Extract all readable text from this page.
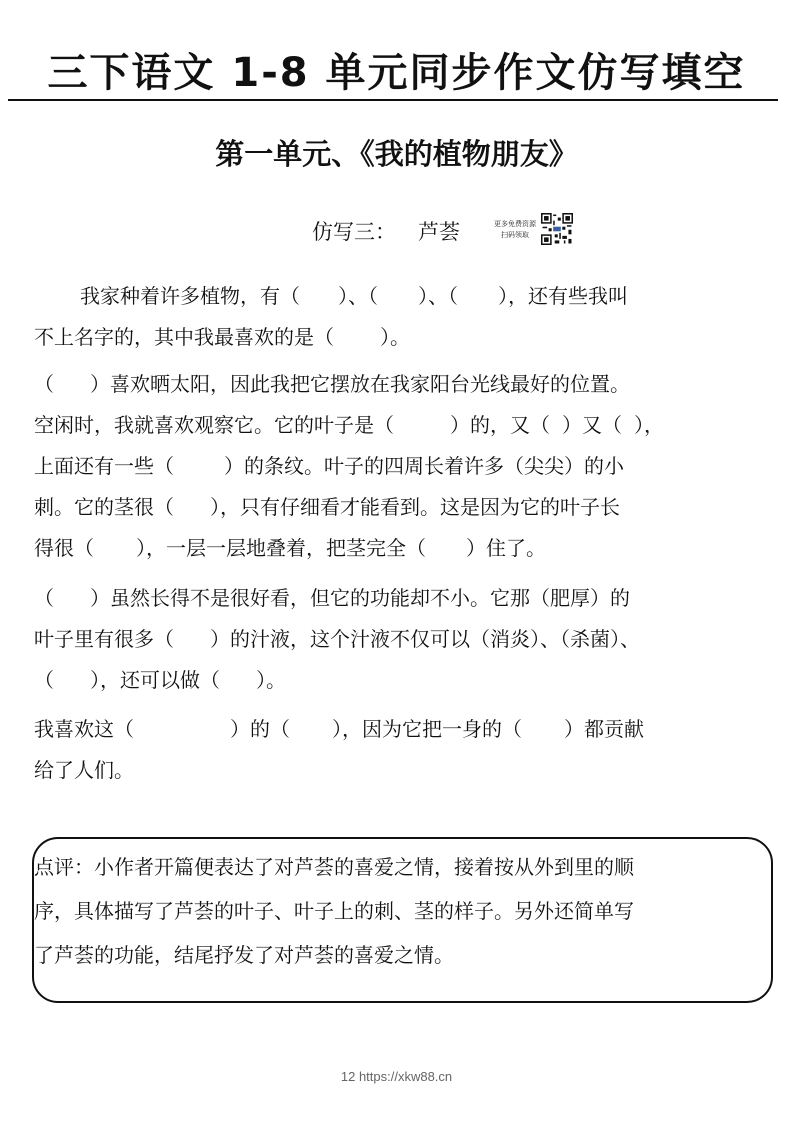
三下语文 1-8 单元同步作文仿写填空
第一单元、《我的植物朋友》
仿写三： 芦荟	更多免费资源
扫码领取
我家种着许多植物，有（ ）、（ ）、（ ），还有些我叫
不上名字的，其中我最喜欢的是（ ）。
（ ）喜欢晒太阳，因此我把它摆放在我家阳台光线最好的位置。
空闲时，我就喜欢观察它。它的叶子是（	）的，又（ ）又（ ），
上面还有一些（	）的条纹。叶子的四周长着许多（尖尖）的小
刺。它的茎很（ ），只有仔细看才能看到。这是因为它的叶子长
得很（ ），一层一层地叠着，把茎完全（ ）住了。
（ ）虽然长得不是很好看，但它的功能却不小。它那（肥厚）的
叶子里有很多（ ）的汁液，这个汁液不仅可以（消炎）、（杀菌）、
（ ），还可以做（ ）。
我喜欢这（	）的（ ），因为它把一身的（ ）都贡献
给了人们。
点评：小作者开篇便表达了对芦荟的喜爱之情，接着按从外到里的顺
序，具体描写了芦荟的叶子、叶子上的刺、茎的样子。另外还简单写
了芦荟的功能，结尾抒发了对芦荟的喜爱之情。
12 https://xkw88.cn
